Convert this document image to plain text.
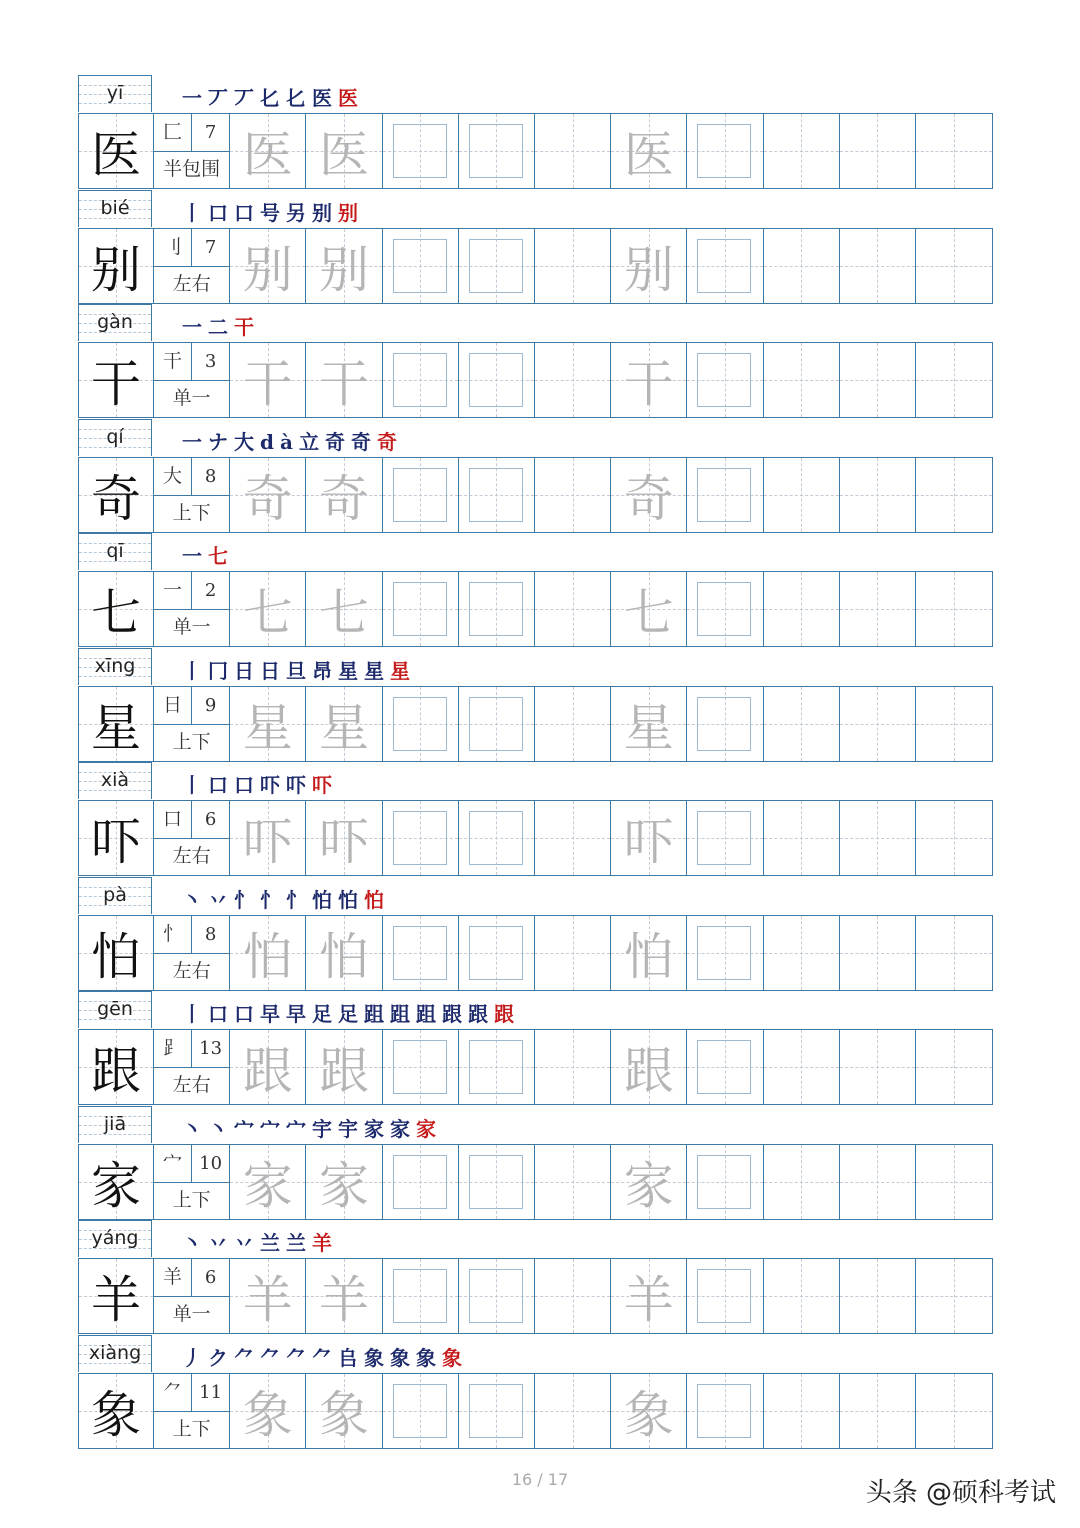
yī	一丆丆𠤎𠤎医医
医	匚	7
半包围 医 医	医
bié	丨口口号另别别
别	刂	7
左右 别 别	别
gàn	一二干
干	干	3
单一 干 干	干
qí	一ナ大dà立奇奇奇
奇	大	8
上下 奇 奇	奇
qī	一七
七	一	2
单一 七 七	七
xīng	丨冂日日旦昂星星星
星	日	9
上下 星 星	星
xià	丨口口吓吓吓
吓	口	6
左右 吓 吓	吓
pà	丶丷忄忄忄怕怕怕
怕	忄	8
左右 怕 怕	怕
gēn	丨口口早早足足跙跙跙跟跟跟
跟	⻊ 13
左右 跟 跟	跟
jiā	丶丶宀宀宀宇宇家家家
家	宀 10
上下 家 家	家
yáng	丶丷丷兰兰羊
羊	羊	6
单一 羊 羊	羊
xiàng	丿ク⺈⺈⺈⺈𠂤象象象象
象	⺈ 11
上下 象 象	象
16 / 17	头条 @硕科考试
